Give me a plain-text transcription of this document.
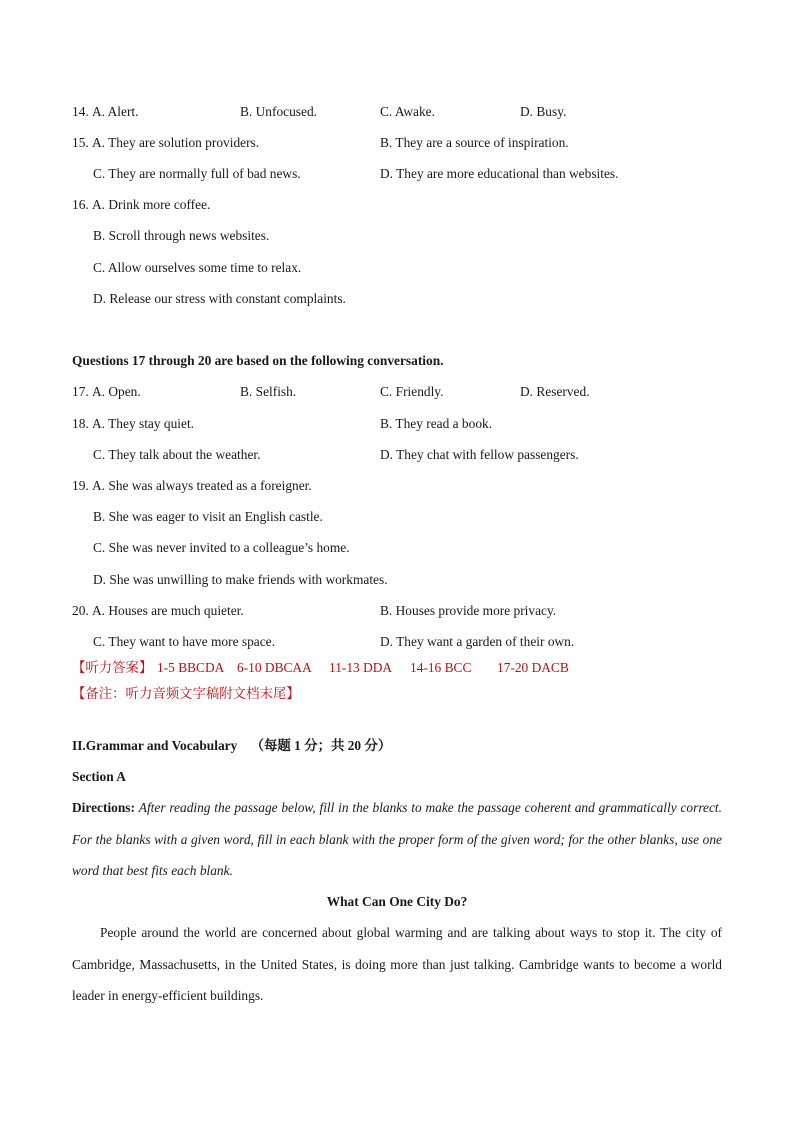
14. A. Alert.	B. Unfocused.	C. Awake.	D. Busy.
15. A. They are solution providers.	B. They are a source of inspiration.
C. They are normally full of bad news.	D. They are more educational than websites.
16. A. Drink more coffee.
B. Scroll through news websites.
C. Allow ourselves some time to relax.
D. Release our stress with constant complaints.
Questions 17 through 20 are based on the following conversation.
17. A. Open.	B. Selfish.	C. Friendly.	D. Reserved.
18. A. They stay quiet.	B. They read a book.
C. They talk about the weather.	D. They chat with fellow passengers.
19. A. She was always treated as a foreigner.
B. She was eager to visit an English castle.
C. She was never invited to a colleague’s home.
D. She was unwilling to make friends with workmates.
20. A. Houses are much quieter.	B. Houses provide more privacy.
C. They want to have more space.	D. They want a garden of their own.
【听力答案】 1-5 BBCDA 6-10 DBCAA 11-13 DDA 14-16 BCC 17-20 DACB
【备注：听力音频文字稿附文档末尾】
II.Grammar and Vocabulary （每题 1 分；共 20 分）
Section A
Directions: After reading the passage below, fill in the blanks to make the passage coherent and grammatically correct. For the blanks with a given word, fill in each blank with the proper form of the given word; for the other blanks, use one word that best fits each blank.
What Can One City Do?
People around the world are concerned about global warming and are talking about ways to stop it. The city of Cambridge, Massachusetts, in the United States, is doing more than just talking. Cambridge wants to become a world leader in energy-efficient buildings.
